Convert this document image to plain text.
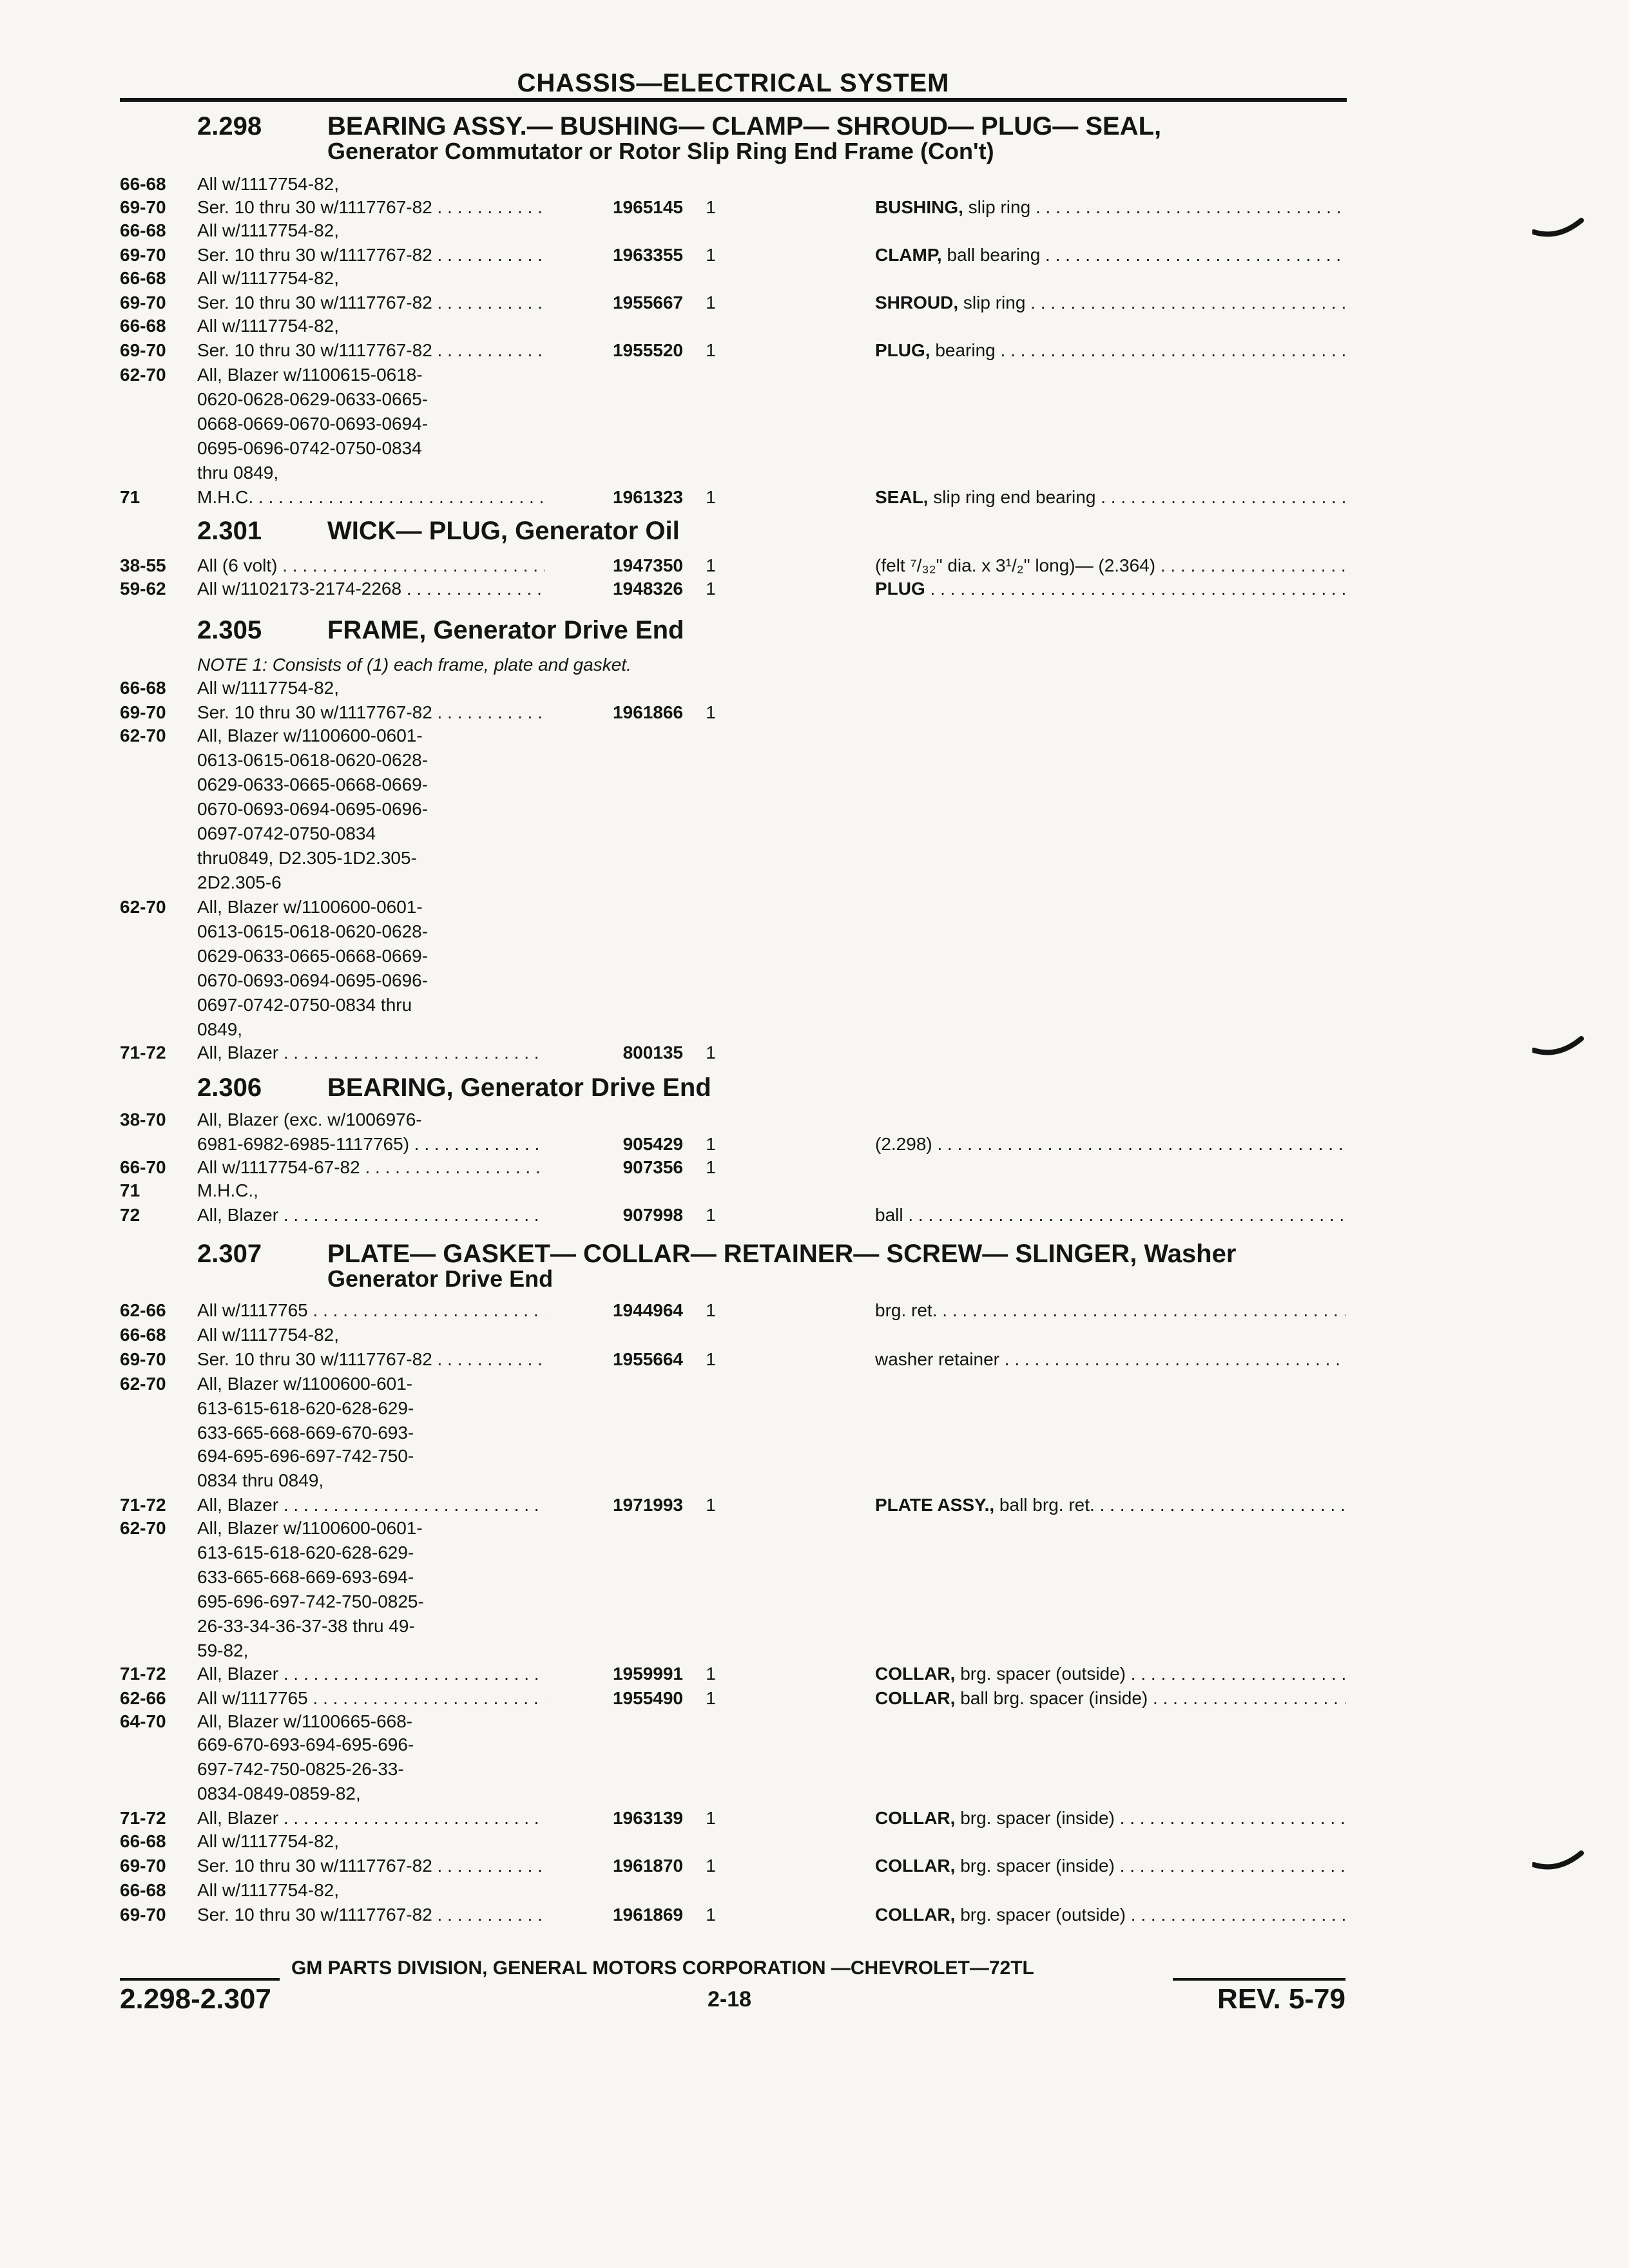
CHASSIS—ELECTRICAL SYSTEM
2.298	BEARING ASSY.— BUSHING— CLAMP— SHROUD— PLUG— SEAL,
Generator Commutator or Rotor Slip Ring End Frame (Con't)
2.301	WICK— PLUG, Generator Oil
2.305	FRAME, Generator Drive End
NOTE 1: Consists of (1) each frame, plate and gasket.
2.306	BEARING, Generator Drive End
2.307	PLATE— GASKET— COLLAR— RETAINER— SCREW— SLINGER, Washer
Generator Drive End
66-68	All w/1117754-82,
69-70	Ser. 10 thru 30 w/1117767-82 . . .	1965145 1	BUSHING, slip ring . . .
66-68	All w/1117754-82,
69-70	Ser. 10 thru 30 w/1117767-82 . . .	1963355 1	CLAMP, ball bearing . . .
66-68	All w/1117754-82,
69-70	Ser. 10 thru 30 w/1117767-82 . . .	1955667 1	SHROUD, slip ring . . .
66-68	All w/1117754-82,
69-70	Ser. 10 thru 30 w/1117767-82 . . .	1955520 1	PLUG, bearing . . .
62-70	All, Blazer w/1100615-0618-
0620-0628-0629-0633-0665-
0668-0669-0670-0693-0694-
0695-0696-0742-0750-0834
thru 0849,
71	M.H.C. . . .	1961323 1	SEAL, slip ring end bearing . . .
38-55	All (6 volt) . . .	1947350 1	(felt ⁷/₃₂" dia. x 3¹/₂" long)— (2.364) . . .
59-62	All w/1102173-2174-2268 . . .	1948326 1	PLUG . . .
66-68	All w/1117754-82,
69-70	Ser. 10 thru 30 w/1117767-82 . . .	1961866 1
62-70	All, Blazer w/1100600-0601-
0613-0615-0618-0620-0628-
0629-0633-0665-0668-0669-
0670-0693-0694-0695-0696-
0697-0742-0750-0834
thru0849, D2.305-1D2.305-
2D2.305-6
62-70	All, Blazer w/1100600-0601-
0613-0615-0618-0620-0628-
0629-0633-0665-0668-0669-
0670-0693-0694-0695-0696-
0697-0742-0750-0834 thru
0849,
71-72	All, Blazer . . .	800135 1
38-70	All, Blazer (exc. w/1006976-
6981-6982-6985-1117765) . . .	905429 1	(2.298) . . .
66-70	All w/1117754-67-82 . . .	907356 1
71	M.H.C.,
72	All, Blazer . . .	907998 1	ball . . .
62-66	All w/1117765 . . .	1944964 1	brg. ret. . . .
66-68	All w/1117754-82,
69-70	Ser. 10 thru 30 w/1117767-82 . . .	1955664 1	washer retainer . . .
62-70	All, Blazer w/1100600-601-
613-615-618-620-628-629-
633-665-668-669-670-693-
694-695-696-697-742-750-
0834 thru 0849,
71-72	All, Blazer . . .	1971993 1	PLATE ASSY., ball brg. ret. . . .
62-70	All, Blazer w/1100600-0601-
613-615-618-620-628-629-
633-665-668-669-693-694-
695-696-697-742-750-0825-
26-33-34-36-37-38 thru 49-
59-82,
71-72	All, Blazer . . .	1959991 1	COLLAR, brg. spacer (outside) . . .
62-66	All w/1117765 . . .	1955490 1	COLLAR, ball brg. spacer (inside) . . .
64-70	All, Blazer w/1100665-668-
669-670-693-694-695-696-
697-742-750-0825-26-33-
0834-0849-0859-82,
71-72	All, Blazer . . .	1963139 1	COLLAR, brg. spacer (inside) . . .
66-68	All w/1117754-82,
69-70	Ser. 10 thru 30 w/1117767-82 . . .	1961870 1	COLLAR, brg. spacer (inside) . . .
66-68	All w/1117754-82,
69-70	Ser. 10 thru 30 w/1117767-82 . . .	1961869 1	COLLAR, brg. spacer (outside) . . .
GM PARTS DIVISION, GENERAL MOTORS CORPORATION —CHEVROLET—72TL
2.298-2.307	2-18	REV. 5-79
